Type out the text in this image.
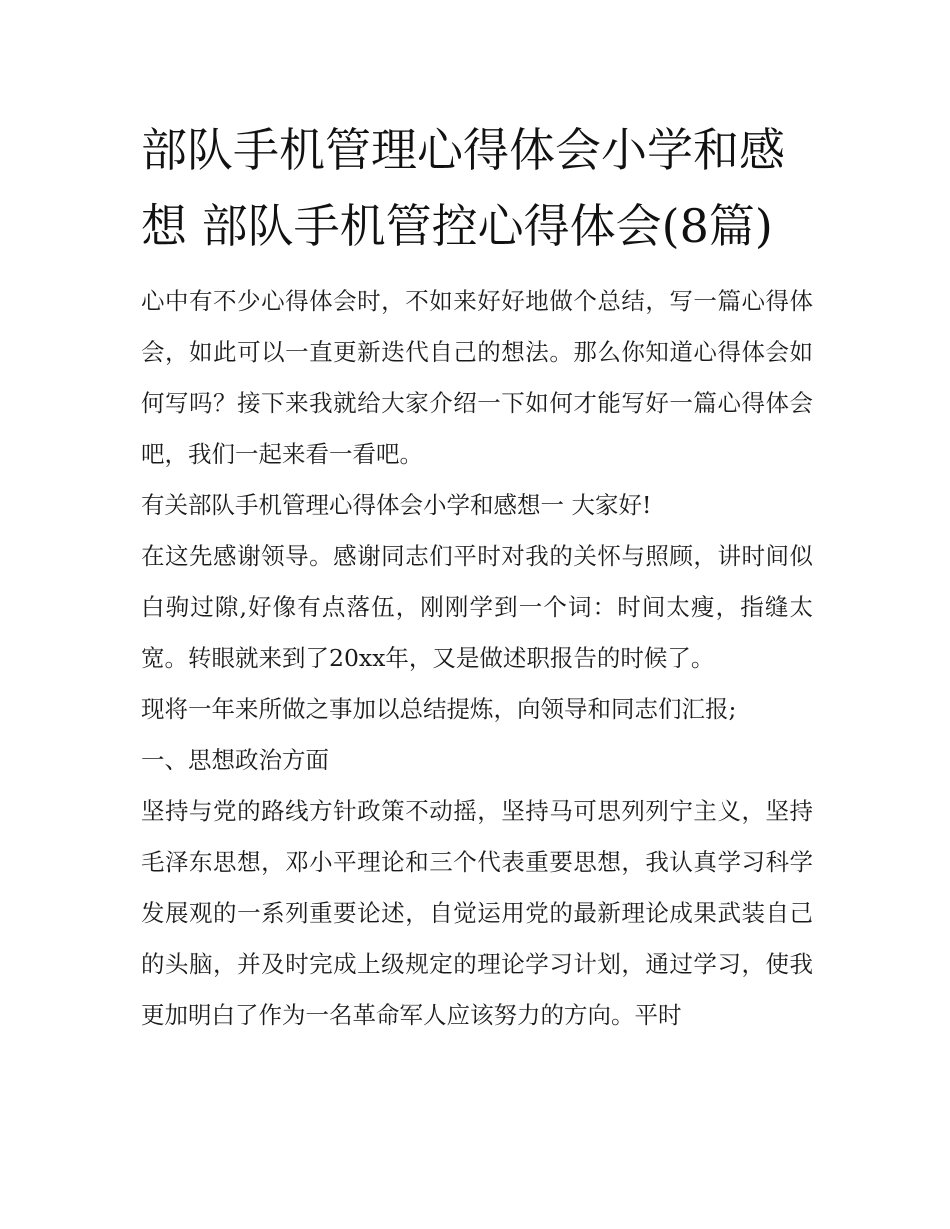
部队手机管理心得体会小学和感想 部队手机管控心得体会(8篇)

心中有不少心得体会时，不如来好好地做个总结，写一篇心得体会，如此可以一直更新迭代自己的想法。那么你知道心得体会如何写吗？接下来我就给大家介绍一下如何才能写好一篇心得体会吧，我们一起来看一看吧。

有关部队手机管理心得体会小学和感想一 大家好!

在这先感谢领导。感谢同志们平时对我的关怀与照顾，讲时间似白驹过隙,好像有点落伍，刚刚学到一个词：时间太瘦，指缝太宽。转眼就来到了20xx年，又是做述职报告的时候了。

现将一年来所做之事加以总结提炼，向领导和同志们汇报;

一、思想政治方面

坚持与党的路线方针政策不动摇，坚持马可思列列宁主义，坚持毛泽东思想，邓小平理论和三个代表重要思想，我认真学习科学发展观的一系列重要论述，自觉运用党的最新理论成果武装自己的头脑，并及时完成上级规定的理论学习计划，通过学习，使我更加明白了作为一名革命军人应该努力的方向。平时
